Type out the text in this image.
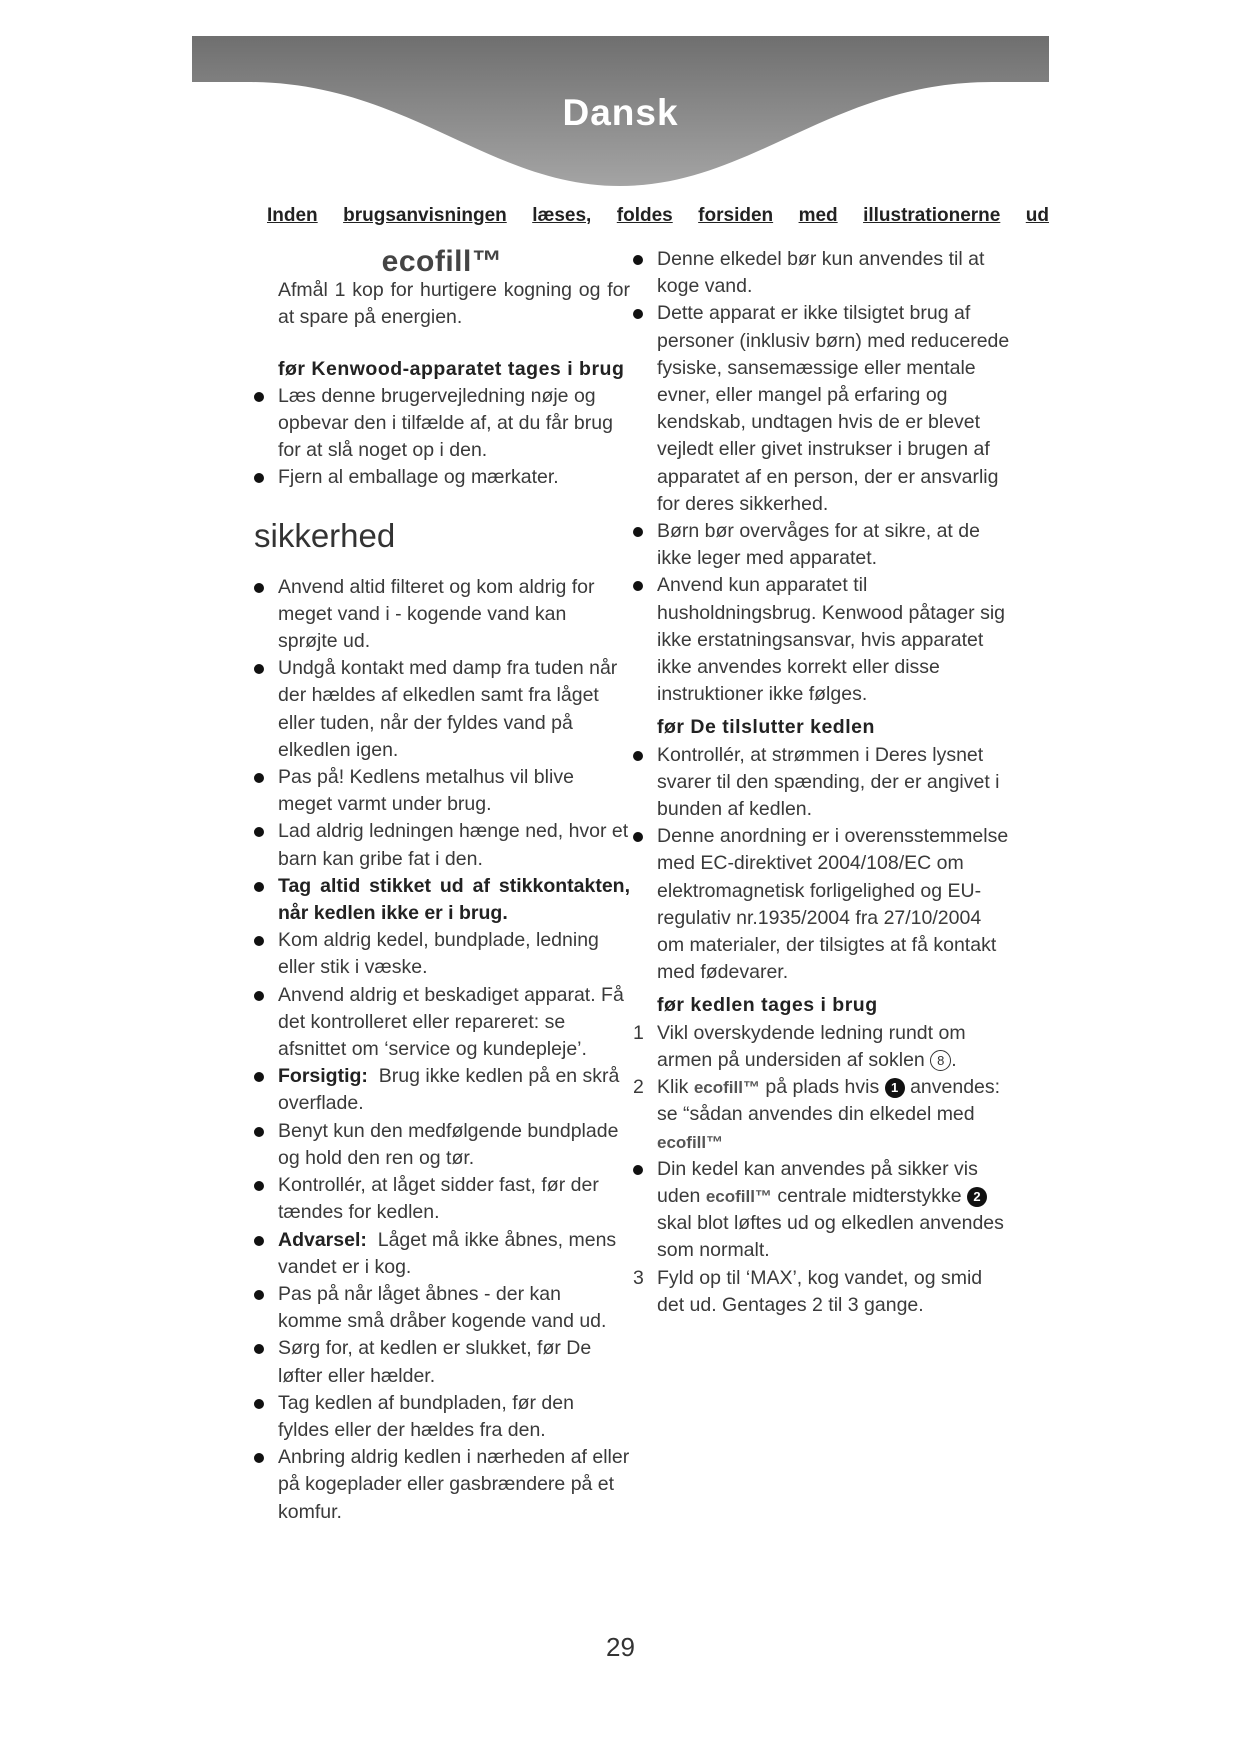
Dansk
Inden brugsanvisningen læses, foldes forsiden med illustrationerne ud
ecofill™
Afmål 1 kop for hurtigere kogning og for at spare på energien.
før Kenwood-apparatet tages i brug
Læs denne brugervejledning nøje og opbevar den i tilfælde af, at du får brug for at slå noget op i den.
Fjern al emballage og mærkater.
sikkerhed
Anvend altid filteret og kom aldrig for meget vand i - kogende vand kan sprøjte ud.
Undgå kontakt med damp fra tuden når der hældes af elkedlen samt fra låget eller tuden, når der fyldes vand på elkedlen igen.
Pas på! Kedlens metalhus vil blive meget varmt under brug.
Lad aldrig ledningen hænge ned, hvor et barn kan gribe fat i den.
Tag altid stikket ud af stikkontakten, når kedlen ikke er i brug.
Kom aldrig kedel, bundplade, ledning eller stik i væske.
Anvend aldrig et beskadiget apparat. Få det kontrolleret eller repareret: se afsnittet om ‘service og kundepleje’.
Forsigtig: Brug ikke kedlen på en skrå overflade.
Benyt kun den medfølgende bundplade og hold den ren og tør.
Kontrollér, at låget sidder fast, før der tændes for kedlen.
Advarsel: Låget må ikke åbnes, mens vandet er i kog.
Pas på når låget åbnes - der kan komme små dråber kogende vand ud.
Sørg for, at kedlen er slukket, før De løfter eller hælder.
Tag kedlen af bundpladen, før den fyldes eller der hældes fra den.
Anbring aldrig kedlen i nærheden af eller på kogeplader eller gasbrændere på et komfur.
Denne elkedel bør kun anvendes til at koge vand.
Dette apparat er ikke tilsigtet brug af personer (inklusiv børn) med reducerede fysiske, sansemæssige eller mentale evner, eller mangel på erfaring og kendskab, undtagen hvis de er blevet vejledt eller givet instrukser i brugen af apparatet af en person, der er ansvarlig for deres sikkerhed.
Børn bør overvåges for at sikre, at de ikke leger med apparatet.
Anvend kun apparatet til husholdningsbrug. Kenwood påtager sig ikke erstatningsansvar, hvis apparatet ikke anvendes korrekt eller disse instruktioner ikke følges.
før De tilslutter kedlen
Kontrollér, at strømmen i Deres lysnet svarer til den spænding, der er angivet i bunden af kedlen.
Denne anordning er i overensstemmelse med EC-direktivet 2004/108/EC om elektromagnetisk forligelighed og EU-regulativ nr.1935/2004 fra 27/10/2004 om materialer, der tilsigtes at få kontakt med fødevarer.
før kedlen tages i brug
1 Vikl overskydende ledning rundt om armen på undersiden af soklen 8 .
2 Klik ecofill™ på plads hvis 1 anvendes: se “sådan anvendes din elkedel med ecofill™
Din kedel kan anvendes på sikker vis uden ecofill™ centrale midterstykke 2 skal blot løftes ud og elkedlen anvendes som normalt.
3 Fyld op til ‘MAX’, kog vandet, og smid det ud. Gentages 2 til 3 gange.
29
